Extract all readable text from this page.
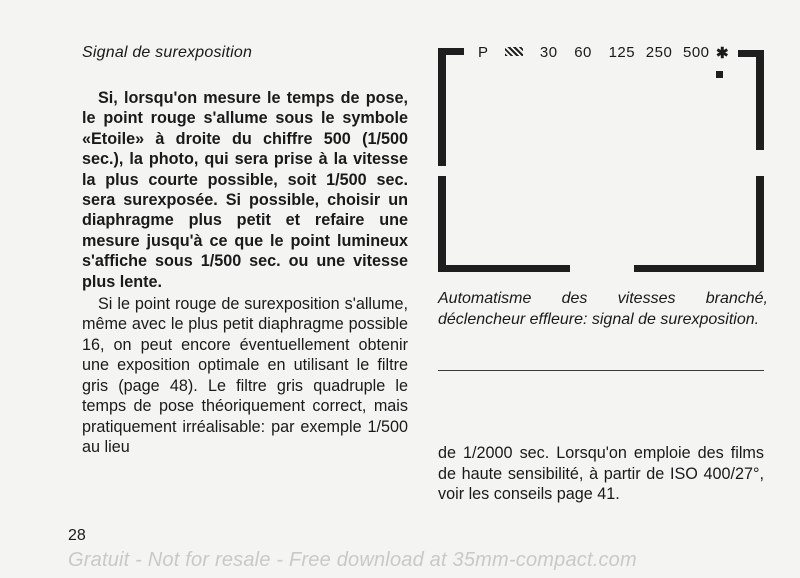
Signal de surexposition

Si, lorsqu'on mesure le temps de pose, le point rouge s'allume sous le symbole «Etoile» à droite du chiffre 500 (1/500 sec.), la photo, qui sera prise à la vitesse la plus courte possible, soit 1/500 sec. sera surexposée. Si possible, choisir un diaphragme plus petit et refaire une mesure jusqu'à ce que le point lumineux s'affiche sous 1/500 sec. ou une vitesse plus lente.

Si le point rouge de surexposition s'allume, même avec le plus petit diaphragme possible 16, on peut encore éventuellement obtenir une exposition optimale en utilisant le filtre gris (page 48). Le filtre gris quadruple le temps de pose théoriquement correct, mais pratiquement irréalisable: par exemple 1/500 au lieu

28
P	30 60 125 250 500 ✱
Automatisme des vitesses branché, déclencheur effleure: signal de surexposition.

de 1/2000 sec. Lorsqu'on emploie des films de haute sensibilité, à partir de ISO 400/27°, voir les conseils page 41.

Gratuit - Not for resale - Free download at 35mm-compact.com
